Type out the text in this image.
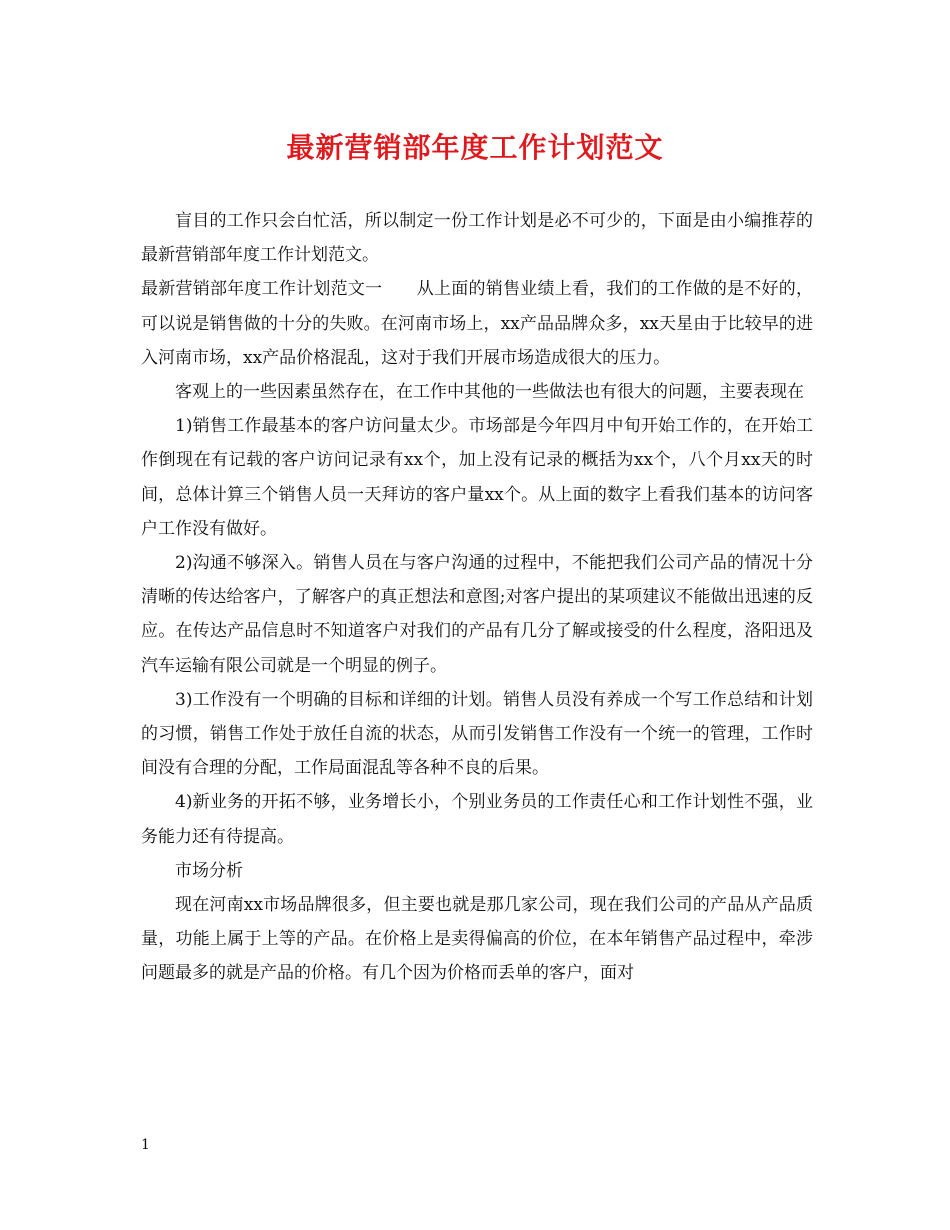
最新营销部年度工作计划范文

盲目的工作只会白忙活，所以制定一份工作计划是必不可少的，下面是由小编推荐的最新营销部年度工作计划范文。

最新营销部年度工作计划范文一　　从上面的销售业绩上看，我们的工作做的是不好的，可以说是销售做的十分的失败。在河南市场上，xx产品品牌众多，xx天星由于比较早的进入河南市场，xx产品价格混乱，这对于我们开展市场造成很大的压力。

客观上的一些因素虽然存在，在工作中其他的一些做法也有很大的问题，主要表现在

1)销售工作最基本的客户访问量太少。市场部是今年四月中旬开始工作的，在开始工作倒现在有记载的客户访问记录有xx个，加上没有记录的概括为xx个，八个月xx天的时间，总体计算三个销售人员一天拜访的客户量xx个。从上面的数字上看我们基本的访问客户工作没有做好。

2)沟通不够深入。销售人员在与客户沟通的过程中，不能把我们公司产品的情况十分清晰的传达给客户，了解客户的真正想法和意图;对客户提出的某项建议不能做出迅速的反应。在传达产品信息时不知道客户对我们的产品有几分了解或接受的什么程度，洛阳迅及汽车运输有限公司就是一个明显的例子。

3)工作没有一个明确的目标和详细的计划。销售人员没有养成一个写工作总结和计划的习惯，销售工作处于放任自流的状态，从而引发销售工作没有一个统一的管理，工作时间没有合理的分配，工作局面混乱等各种不良的后果。

4)新业务的开拓不够，业务增长小，个别业务员的工作责任心和工作计划性不强，业务能力还有待提高。

市场分析

现在河南xx市场品牌很多，但主要也就是那几家公司，现在我们公司的产品从产品质量，功能上属于上等的产品。在价格上是卖得偏高的价位，在本年销售产品过程中，牵涉问题最多的就是产品的价格。有几个因为价格而丢单的客户，面对

1
